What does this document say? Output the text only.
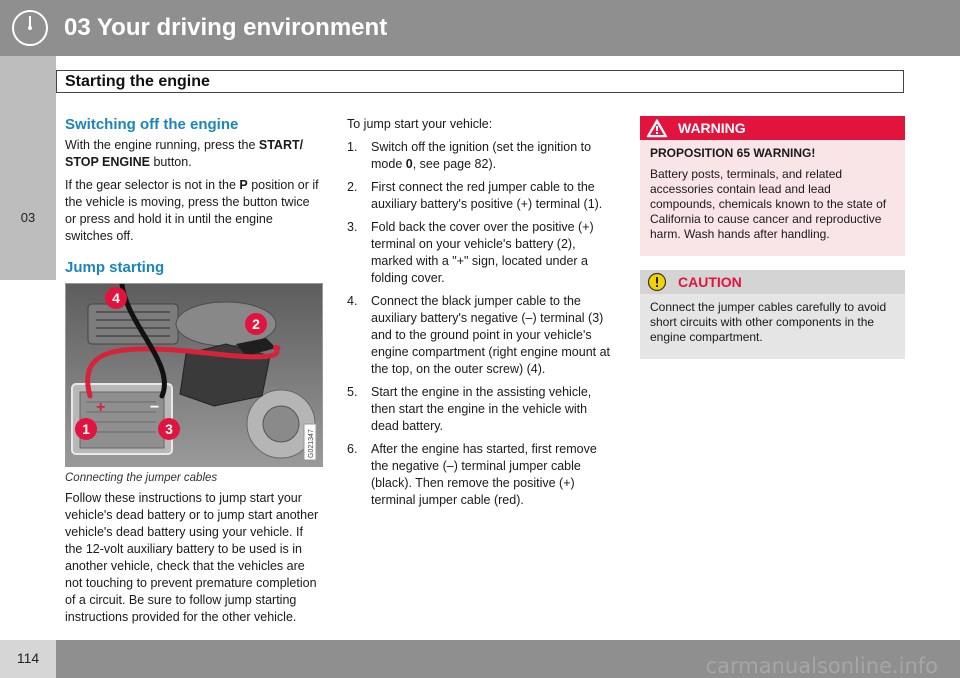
03 Your driving environment
03
Starting the engine
Switching off the engine

With the engine running, press the START/ STOP ENGINE button.

If the gear selector is not in the P position or if the vehicle is moving, press the button twice or press and hold it in until the engine switches off.

Jump starting
+	−
1
2
3
4
G021347
Connecting the jumper cables

Follow these instructions to jump start your vehicle's dead battery or to jump start another vehicle's dead battery using your vehicle. If the 12-volt auxiliary battery to be used is in another vehicle, check that the vehicles are not touching to prevent premature completion of a circuit. Be sure to follow jump starting instructions provided for the other vehicle.

To jump start your vehicle:

1. Switch off the ignition (set the ignition to mode 0, see page 82).
2. First connect the red jumper cable to the auxiliary battery's positive (+) terminal (1).
3. Fold back the cover over the positive (+) terminal on your vehicle's battery (2), marked with a "+" sign, located under a folding cover.
4. Connect the black jumper cable to the auxiliary battery's negative (–) terminal (3) and to the ground point in your vehicle's engine compartment (right engine mount at the top, on the outer screw) (4).
5. Start the engine in the assisting vehicle, then start the engine in the vehicle with dead battery.
6. After the engine has started, first remove the negative (–) terminal jumper cable (black). Then remove the positive (+) terminal jumper cable (red).
WARNING

PROPOSITION 65 WARNING!

Battery posts, terminals, and related accessories contain lead and lead compounds, chemicals known to the state of California to cause cancer and reproductive harm. Wash hands after handling.

CAUTION

Connect the jumper cables carefully to avoid short circuits with other components in the engine compartment.

114	carmanualsonline.info
